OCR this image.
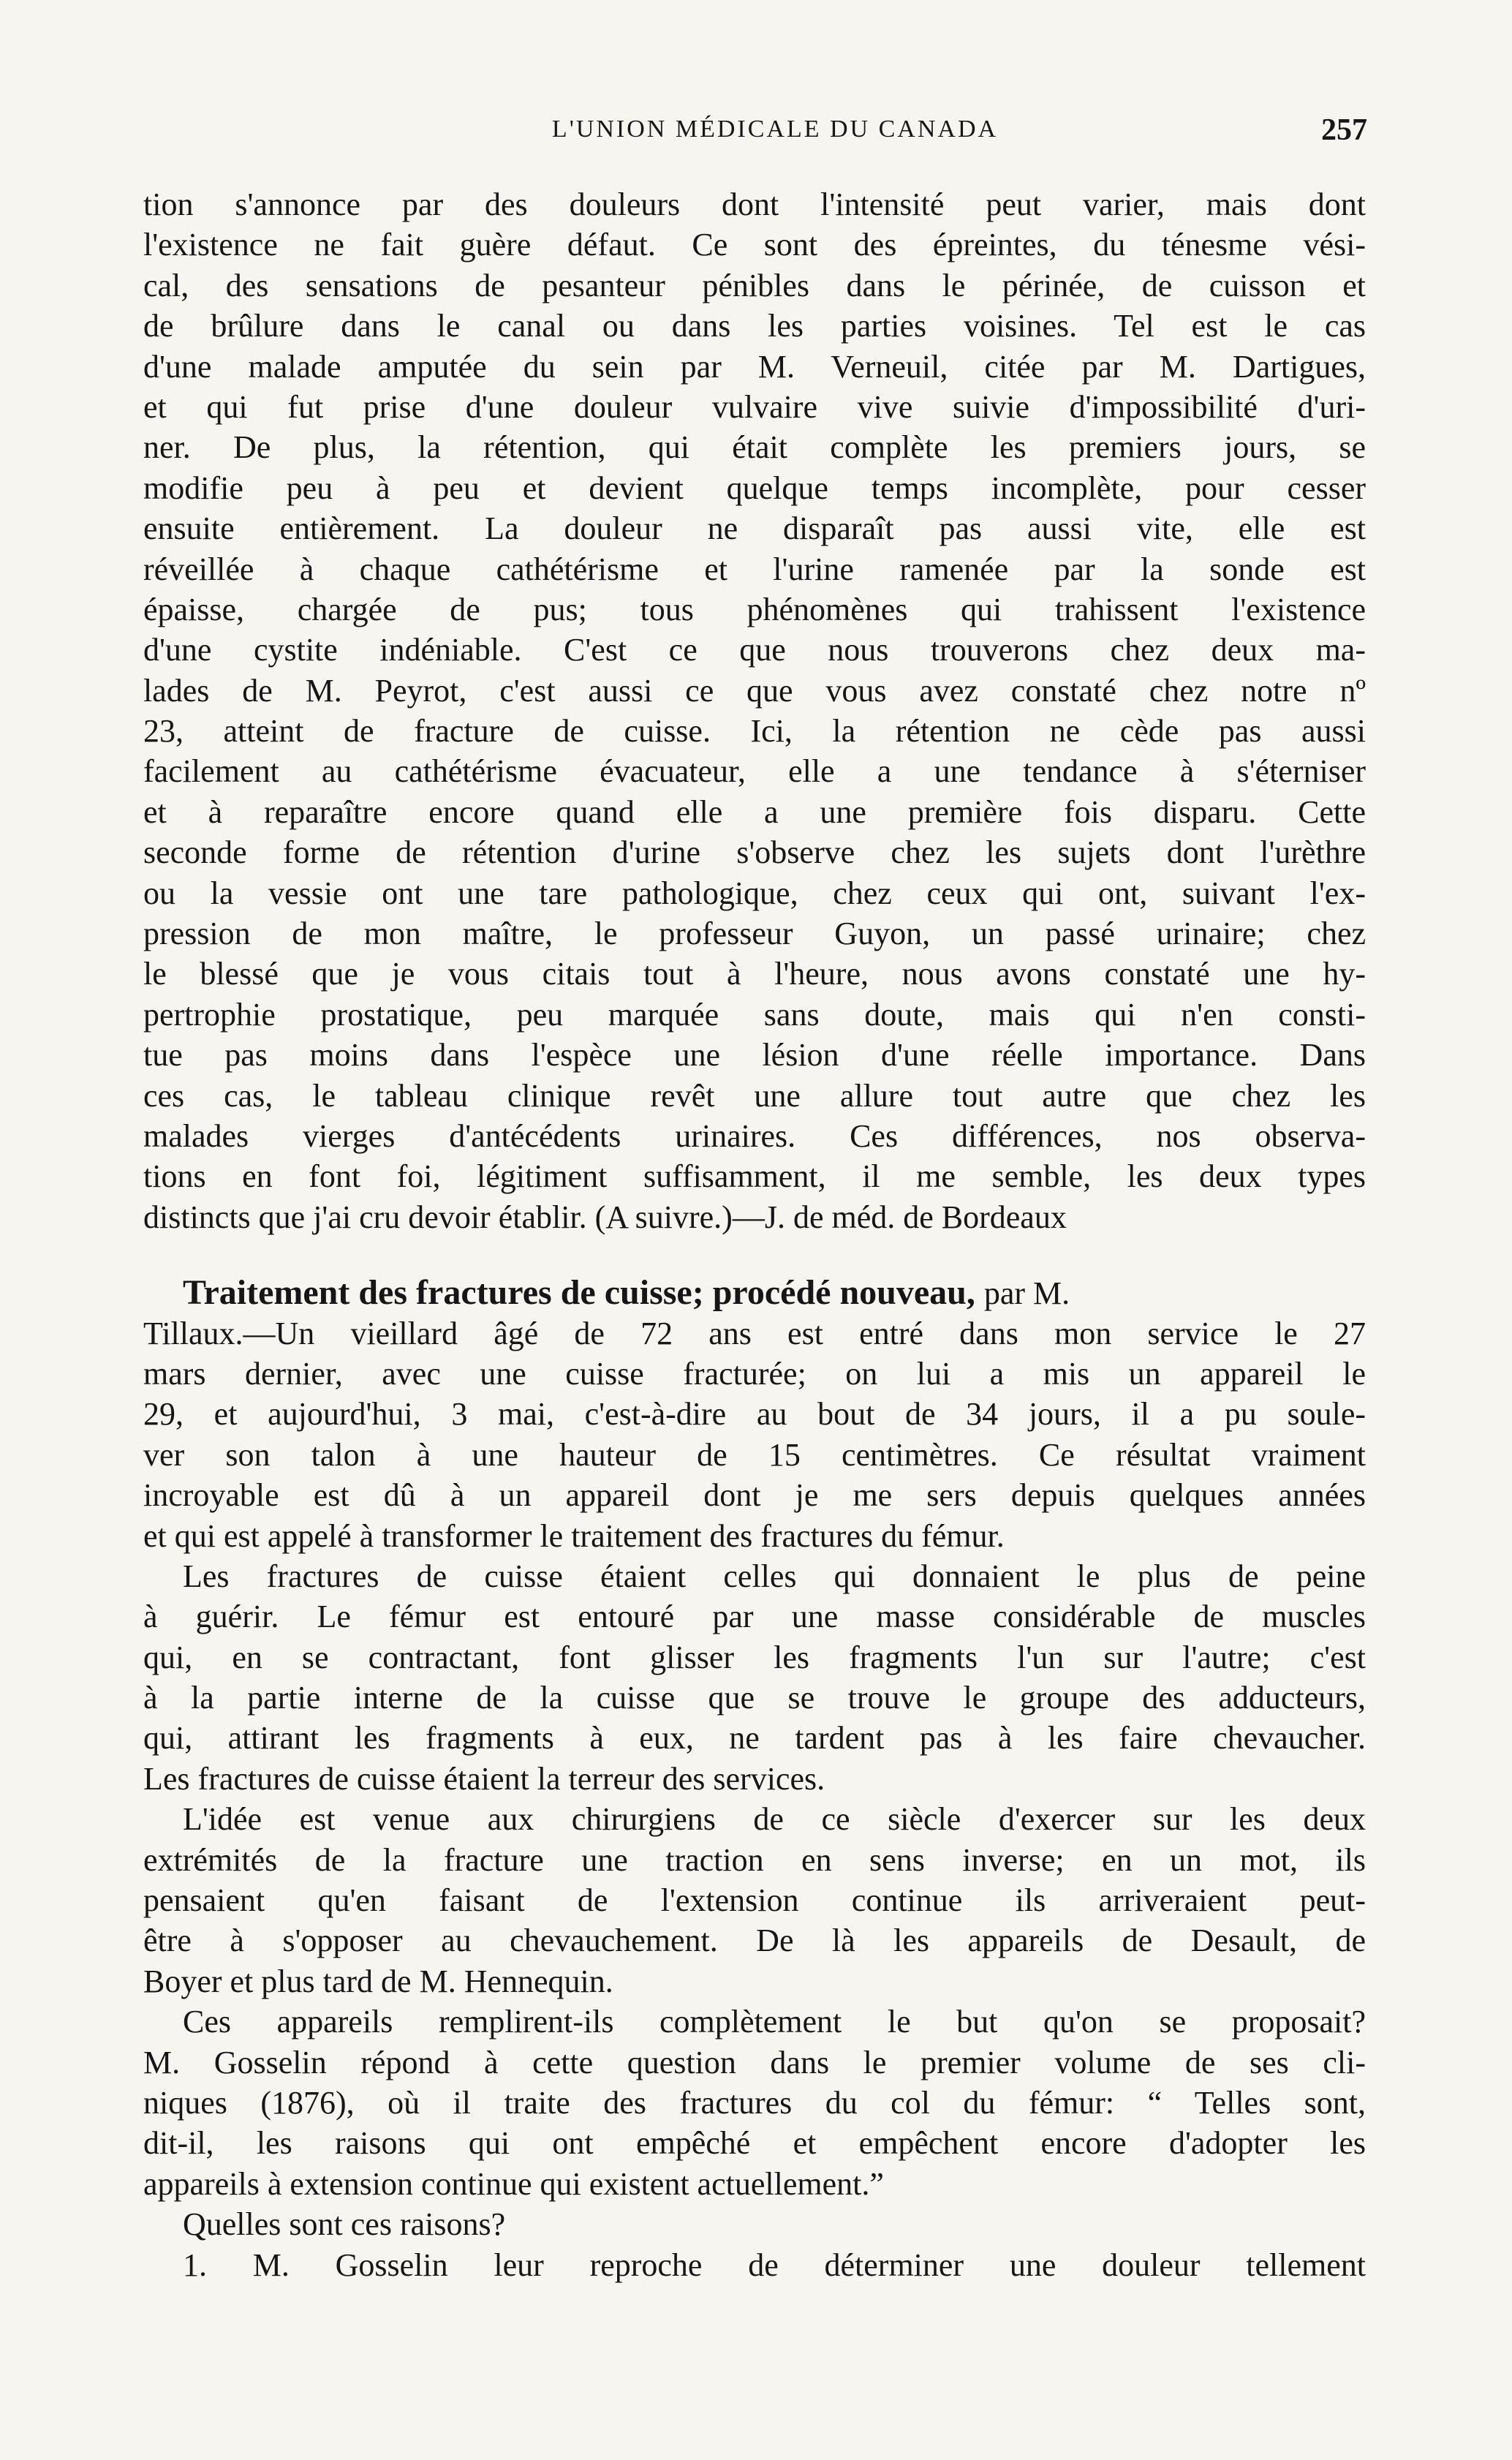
L'UNION MÉDICALE DU CANADA	257
tion s'annonce par des douleurs dont l'intensité peut varier, mais dont
l'existence ne fait guère défaut. Ce sont des épreintes, du ténesme vési-
cal, des sensations de pesanteur pénibles dans le périnée, de cuisson et
de brûlure dans le canal ou dans les parties voisines. Tel est le cas
d'une malade amputée du sein par M. Verneuil, citée par M. Dartigues,
et qui fut prise d'une douleur vulvaire vive suivie d'impossibilité d'uri-
ner. De plus, la rétention, qui était complète les premiers jours, se
modifie peu à peu et devient quelque temps incomplète, pour cesser
ensuite entièrement. La douleur ne disparaît pas aussi vite, elle est
réveillée à chaque cathétérisme et l'urine ramenée par la sonde est
épaisse, chargée de pus; tous phénomènes qui trahissent l'existence
d'une cystite indéniable. C'est ce que nous trouverons chez deux ma-
lades de M. Peyrot, c'est aussi ce que vous avez constaté chez notre nº
23, atteint de fracture de cuisse. Ici, la rétention ne cède pas aussi
facilement au cathétérisme évacuateur, elle a une tendance à s'éterniser
et à reparaître encore quand elle a une première fois disparu. Cette
seconde forme de rétention d'urine s'observe chez les sujets dont l'urèthre
ou la vessie ont une tare pathologique, chez ceux qui ont, suivant l'ex-
pression de mon maître, le professeur Guyon, un passé urinaire; chez
le blessé que je vous citais tout à l'heure, nous avons constaté une hy-
pertrophie prostatique, peu marquée sans doute, mais qui n'en consti-
tue pas moins dans l'espèce une lésion d'une réelle importance. Dans
ces cas, le tableau clinique revêt une allure tout autre que chez les
malades vierges d'antécédents urinaires. Ces différences, nos observa-
tions en font foi, légitiment suffisamment, il me semble, les deux types
distincts que j'ai cru devoir établir. (A suivre.)—J. de méd. de Bordeaux
Traitement des fractures de cuisse; procédé nouveau, par M.
Tillaux.—Un vieillard âgé de 72 ans est entré dans mon service le 27
mars dernier, avec une cuisse fracturée; on lui a mis un appareil le
29, et aujourd'hui, 3 mai, c'est-à-dire au bout de 34 jours, il a pu soule-
ver son talon à une hauteur de 15 centimètres. Ce résultat vraiment
incroyable est dû à un appareil dont je me sers depuis quelques années
et qui est appelé à transformer le traitement des fractures du fémur.
Les fractures de cuisse étaient celles qui donnaient le plus de peine
à guérir. Le fémur est entouré par une masse considérable de muscles
qui, en se contractant, font glisser les fragments l'un sur l'autre; c'est
à la partie interne de la cuisse que se trouve le groupe des adducteurs,
qui, attirant les fragments à eux, ne tardent pas à les faire chevaucher.
Les fractures de cuisse étaient la terreur des services.
L'idée est venue aux chirurgiens de ce siècle d'exercer sur les deux
extrémités de la fracture une traction en sens inverse; en un mot, ils
pensaient qu'en faisant de l'extension continue ils arriveraient peut-
être à s'opposer au chevauchement. De là les appareils de Desault, de
Boyer et plus tard de M. Hennequin.
Ces appareils remplirent-ils complètement le but qu'on se proposait?
M. Gosselin répond à cette question dans le premier volume de ses cli-
niques (1876), où il traite des fractures du col du fémur: “ Telles sont,
dit-il, les raisons qui ont empêché et empêchent encore d'adopter les
appareils à extension continue qui existent actuellement.”
Quelles sont ces raisons?
1. M. Gosselin leur reproche de déterminer une douleur tellement
